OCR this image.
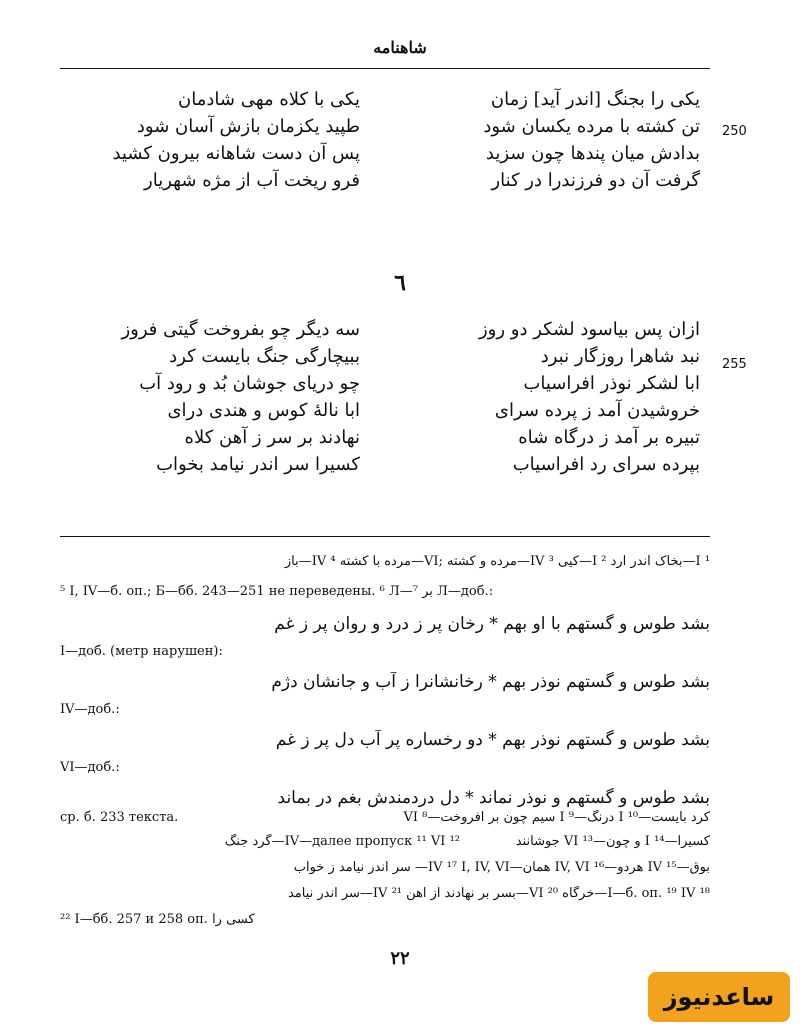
شاهنامه
یکی را بجنگ [اندر آید] زمان
تن کشته با مرده یکسان شود
بدادش میان پندها چون سزید
گرفت آن دو فرزندرا در کنار
یکی با کلاه مهی شادمان
طپید یکزمان بازش آسان شود
پس آن دست شاهانه بیرون کشید
فرو ریخت آب از مژه شهریار
250
٦
ازان پس بیاسود لشکر دو روز
نبد شاهرا روزگار نبرد
ابا لشکر نوذر افراسیاب
خروشیدن آمد ز پرده سرای
تبیره بر آمد ز درگاه شاه
بپرده سرای رد افراسیاب
سه دیگر چو بفروخت گیتی فروز
ببیچارگی جنگ بایست کرد
چو دریای جوشان بُد و رود آب
ابا نالهٔ کوس و هندی درای
نهادند بر سر ز آهن کلاه
کسیرا سر اندر نیامد بخواب
255
¹ I—بخاک آندر آرد ² I—کیی ³ IV—مرده و کشته ;VI—مرده با کشته ⁴ IV—باز
⁵ I, IV—б. оп.; Б—бб. 243—251 не переведены. ⁶ Л—بر ⁷ Л—доб.:
بشد طوس و گستهم با او بهم * رخان پر ز درد و روان پر ز غم
I—доб. (метр нарушен):
بشد طوس و گستهم نوذر بهم * رخانشانرا ز آب و جانشان دژم
IV—доб.:
بشد طوس و گستهم نوذر بهم * دو رخساره پر آب دل پر ز غم
VI—доб.:
بشد طوس و گستهم و نوذر نماند * دل دردمندش بغم در بماند
کرد بایست—I ¹⁰ درنگ—I ⁹ سیم چون بر افروخت—VI ⁸
ср. б. 233 текста.
کسیرا—I ¹⁴ و چون—VI ¹³ جوشانند
¹² IV—далее пропуск ¹¹ VI—گرد جنگ
بوق—IV ¹⁵ هردو—IV, VI ¹⁶ همان—IV ¹⁷ I, IV, VI— سر اندر نیامد ز خواب
¹⁸ I—б. оп. ¹⁹ IV—خرگاه ²⁰ VI—بسر بر نهادند از آهن ²¹ IV—سر اندر نیامد
²² I—бб. 257 и 258 оп. کسی را
٢٢
ساعدنیوز
